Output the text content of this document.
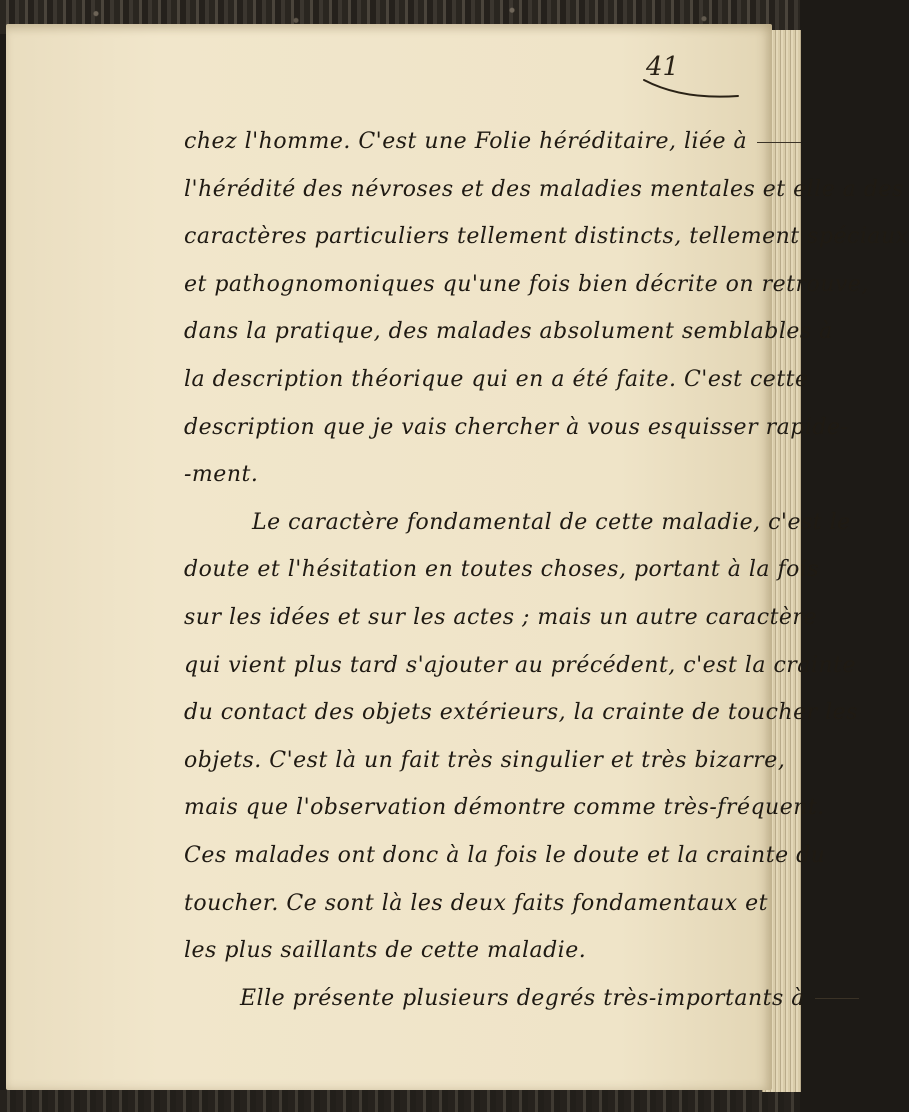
41
chez l'homme. C'est une Folie héréditaire, liée à
l'hérédité des névroses et des maladies mentales et elle a des
caractères particuliers tellement distincts, tellement spéciaux
et pathognomoniques qu'une fois bien décrite on retrouve,
dans la pratique, des malades absolument semblables à
la description théorique qui en a été faite. C'est cette
description que je vais chercher à vous esquisser rapide-
-ment.
Le caractère fondamental de cette maladie, c'est le
doute et l'hésitation en toutes choses, portant à la fois
sur les idées et sur les actes ; mais un autre caractère
qui vient plus tard s'ajouter au précédent, c'est la crainte
du contact des objets extérieurs, la crainte de toucher les
objets. C'est là un fait très singulier et très bizarre,
mais que l'observation démontre comme très-fréquent.
Ces malades ont donc à la fois le doute et la crainte du
toucher. Ce sont là les deux faits fondamentaux et
les plus saillants de cette maladie.
Elle présente plusieurs degrés très-importants à
